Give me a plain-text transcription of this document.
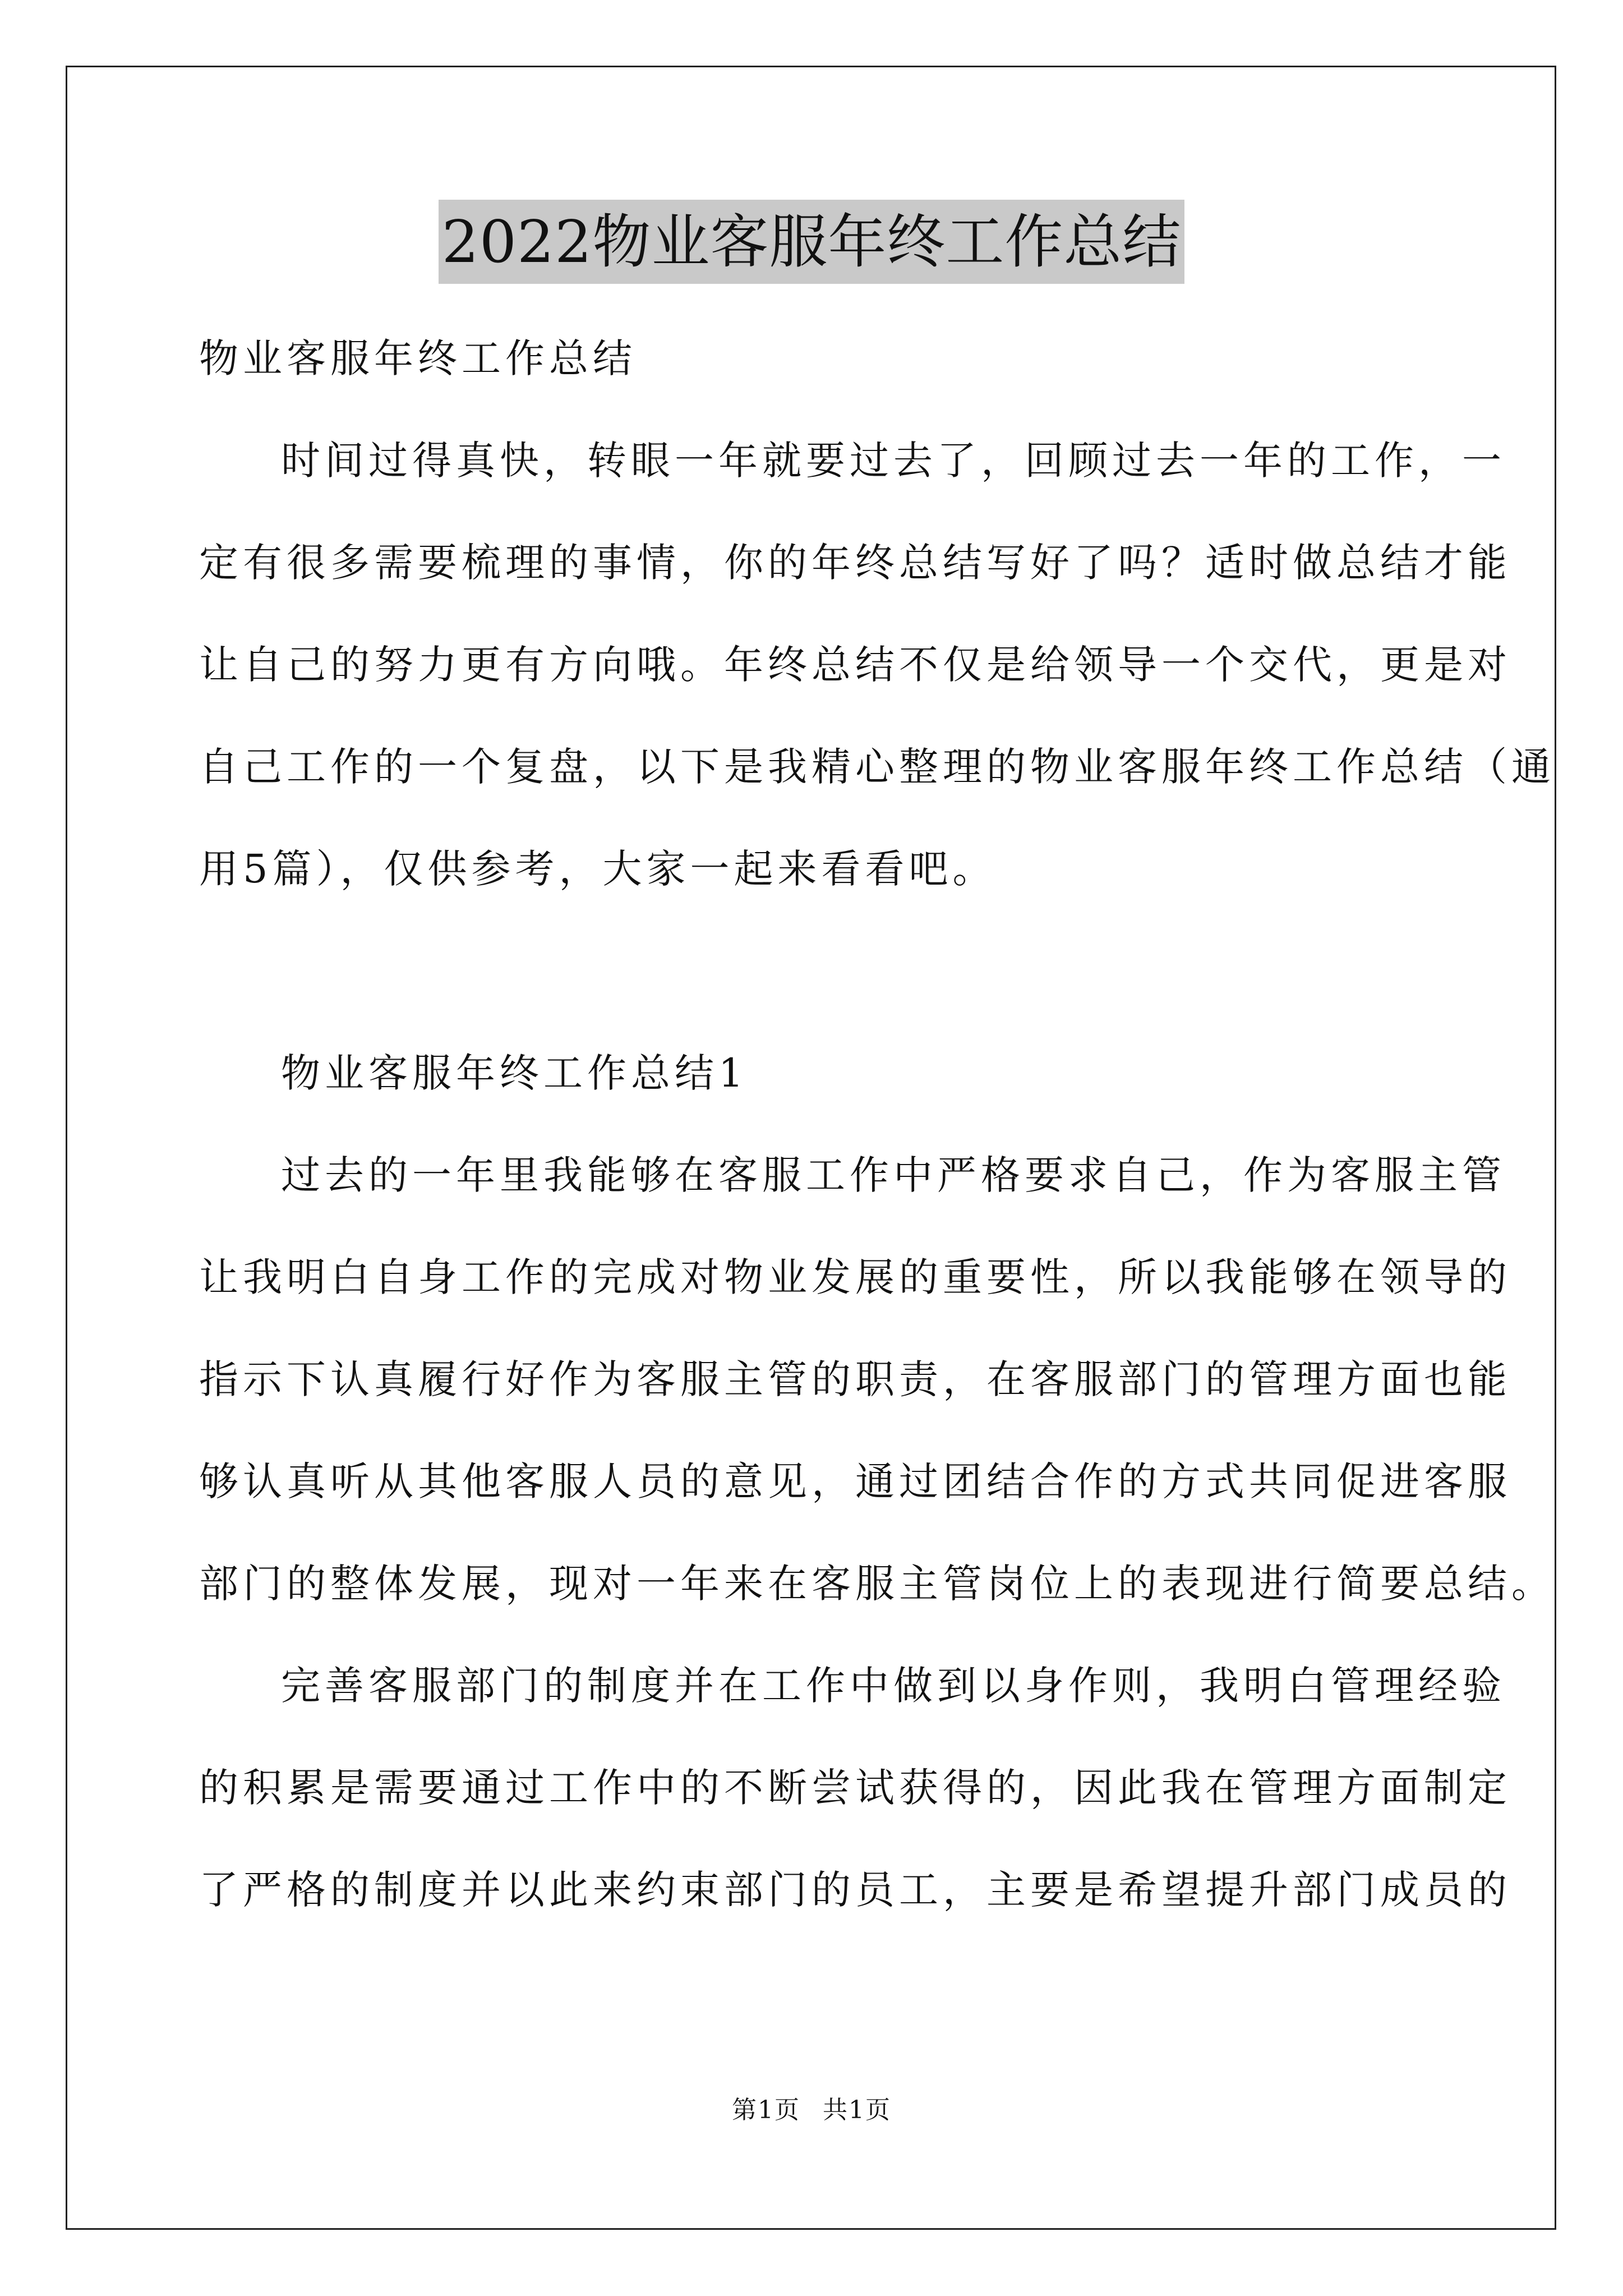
2022物业客服年终工作总结

物业客服年终工作总结

时间过得真快，转眼一年就要过去了，回顾过去一年的工作，一

定有很多需要梳理的事情，你的年终总结写好了吗？适时做总结才能

让自己的努力更有方向哦。年终总结不仅是给领导一个交代，更是对

自己工作的一个复盘，以下是我精心整理的物业客服年终工作总结（通

用5篇），仅供参考，大家一起来看看吧。

物业客服年终工作总结1

过去的一年里我能够在客服工作中严格要求自己，作为客服主管

让我明白自身工作的完成对物业发展的重要性，所以我能够在领导的

指示下认真履行好作为客服主管的职责，在客服部门的管理方面也能

够认真听从其他客服人员的意见，通过团结合作的方式共同促进客服

部门的整体发展，现对一年来在客服主管岗位上的表现进行简要总结。

完善客服部门的制度并在工作中做到以身作则，我明白管理经验

的积累是需要通过工作中的不断尝试获得的，因此我在管理方面制定

了严格的制度并以此来约束部门的员工，主要是希望提升部门成员的

第1页 共1页
